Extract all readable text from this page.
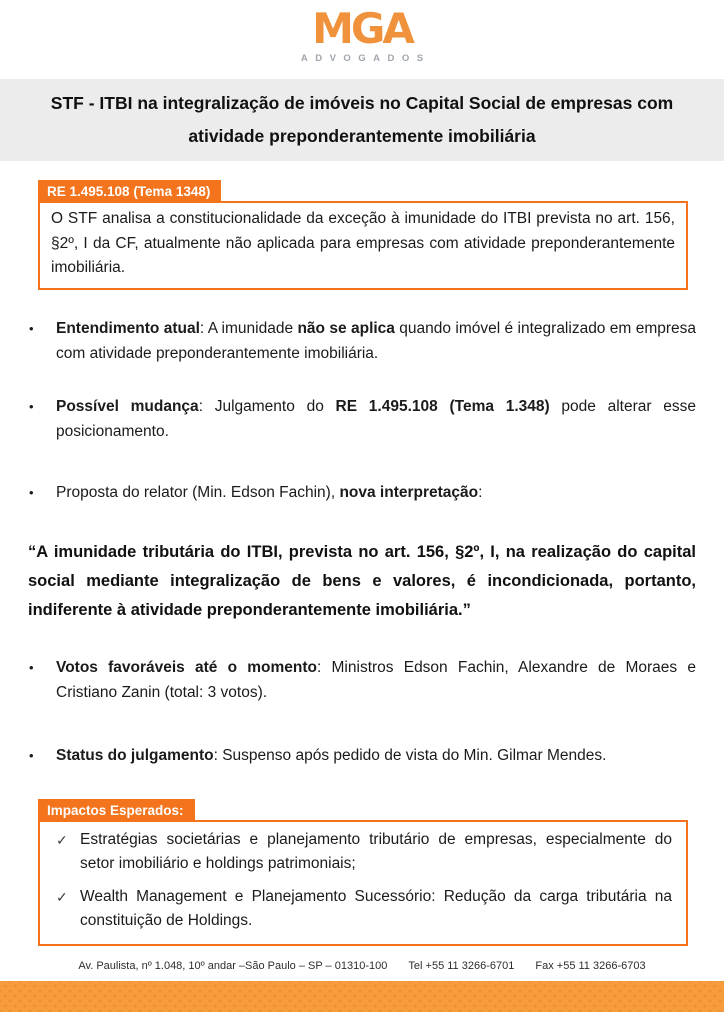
MGA
ADVOGADOS
STF - ITBI na integralização de imóveis no Capital Social de empresas com
atividade preponderantemente imobiliária
RE 1.495.108 (Tema 1348)
O STF analisa a constitucionalidade da exceção à imunidade do ITBI prevista no art. 156, §2º, I da CF, atualmente não aplicada para empresas com atividade preponderantemente imobiliária.
•	Entendimento atual: A imunidade não se aplica quando imóvel é integralizado em empresa com atividade preponderantemente imobiliária.
•	Possível mudança: Julgamento do RE 1.495.108 (Tema 1.348) pode alterar esse posicionamento.
•	Proposta do relator (Min. Edson Fachin), nova interpretação:
“A imunidade tributária do ITBI, prevista no art. 156, §2º, I, na realização do capital social mediante integralização de bens e valores, é incondicionada, portanto, indiferente à atividade preponderantemente imobiliária.”
•	Votos favoráveis até o momento: Ministros Edson Fachin, Alexandre de Moraes e Cristiano Zanin (total: 3 votos).
•	Status do julgamento: Suspenso após pedido de vista do Min. Gilmar Mendes.
Impactos Esperados:
✓ Estratégias societárias e planejamento tributário de empresas, especialmente do setor imobiliário e holdings patrimoniais;
✓ Wealth Management e Planejamento Sucessório: Redução da carga tributária na constituição de Holdings.
Av. Paulista, nº 1.048, 10º andar –São Paulo – SP – 01310-100 Tel +55 11 3266-6701 Fax +55 11 3266-6703
